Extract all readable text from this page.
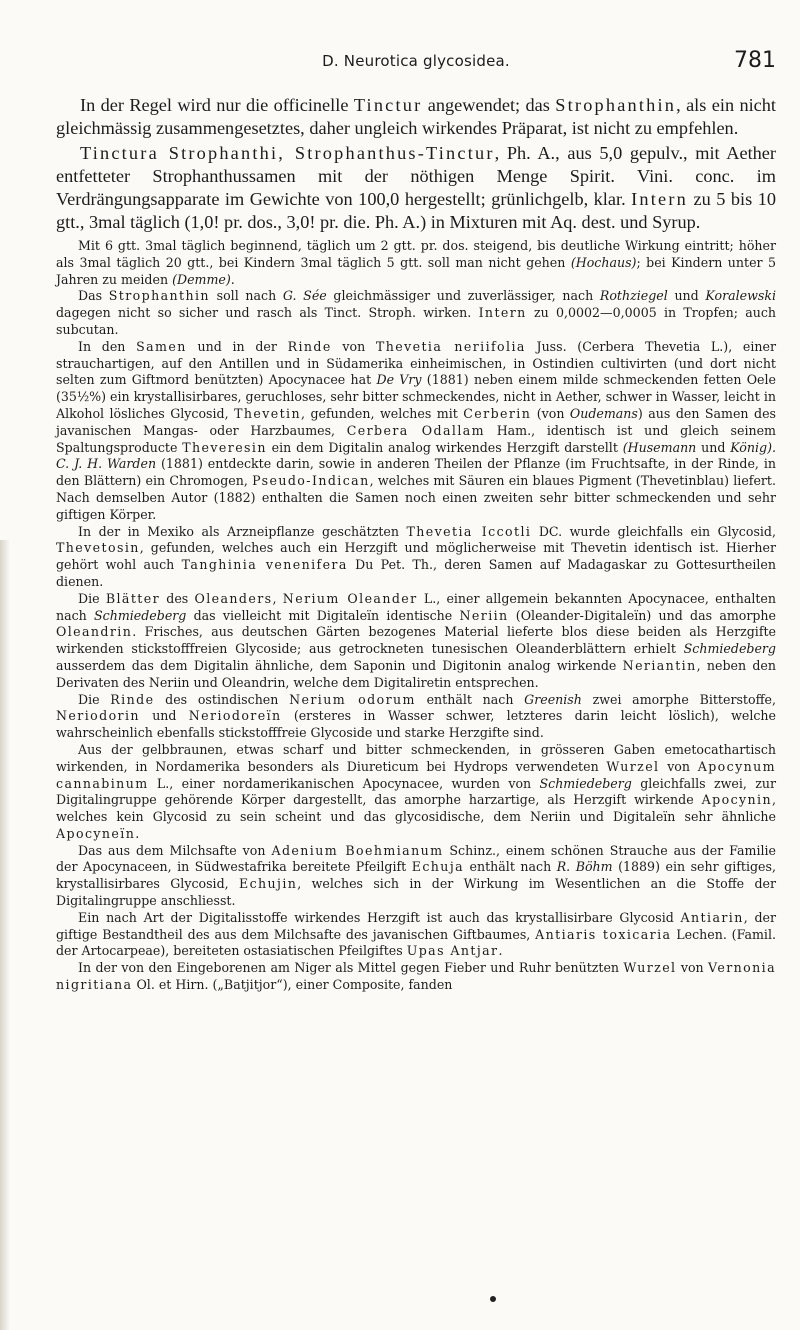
D. Neurotica glycosidea.	781

In der Regel wird nur die officinelle Tinctur angewendet; das Strophanthin, als ein nicht gleichmässig zusammengesetztes, daher ungleich wirkendes Präparat, ist nicht zu empfehlen.

Tinctura Strophanthi, Strophanthus-Tinctur, Ph. A., aus 5,0 gepulv., mit Aether entfetteter Strophanthussamen mit der nöthigen Menge Spirit. Vini. conc. im Verdrängungsapparate im Gewichte von 100,0 hergestellt; grünlichgelb, klar. Intern zu 5 bis 10 gtt., 3mal täglich (1,0! pr. dos., 3,0! pr. die. Ph. A.) in Mixturen mit Aq. dest. und Syrup.

Mit 6 gtt. 3mal täglich beginnend, täglich um 2 gtt. pr. dos. steigend, bis deutliche Wirkung eintritt; höher als 3mal täglich 20 gtt., bei Kindern 3mal täglich 5 gtt. soll man nicht gehen (Hochaus); bei Kindern unter 5 Jahren zu meiden (Demme).

Das Strophanthin soll nach G. Sée gleichmässiger und zuverlässiger, nach Rothziegel und Koralewski dagegen nicht so sicher und rasch als Tinct. Stroph. wirken. Intern zu 0,0002—0,0005 in Tropfen; auch subcutan.

In den Samen und in der Rinde von Thevetia neriifolia Juss. (Cerbera Thevetia L.), einer strauchartigen, auf den Antillen und in Südamerika einheimischen, in Ostindien cultivirten (und dort nicht selten zum Giftmord benützten) Apocynacee hat De Vry (1881) neben einem milde schmeckenden fetten Oele (35½%) ein krystallisirbares, geruchloses, sehr bitter schmeckendes, nicht in Aether, schwer in Wasser, leicht in Alkohol lösliches Glycosid, Thevetin, gefunden, welches mit Cerberin (von Oudemans) aus den Samen des javanischen Mangas- oder Harzbaumes, Cerbera Odallam Ham., identisch ist und gleich seinem Spaltungsproducte Theveresin ein dem Digitalin analog wirkendes Herzgift darstellt (Husemann und König). C. J. H. Warden (1881) entdeckte darin, sowie in anderen Theilen der Pflanze (im Fruchtsafte, in der Rinde, in den Blättern) ein Chromogen, Pseudo-Indican, welches mit Säuren ein blaues Pigment (Thevetinblau) liefert. Nach demselben Autor (1882) enthalten die Samen noch einen zweiten sehr bitter schmeckenden und sehr giftigen Körper.

In der in Mexiko als Arzneipflanze geschätzten Thevetia Iccotli DC. wurde gleichfalls ein Glycosid, Thevetosin, gefunden, welches auch ein Herzgift und möglicherweise mit Thevetin identisch ist. Hierher gehört wohl auch Tanghinia venenifera Du Pet. Th., deren Samen auf Madagaskar zu Gottesurtheilen dienen.

Die Blätter des Oleanders, Nerium Oleander L., einer allgemein bekannten Apocynacee, enthalten nach Schmiedeberg das vielleicht mit Digitaleïn identische Neriin (Oleander-Digitaleïn) und das amorphe Oleandrin. Frisches, aus deutschen Gärten bezogenes Material lieferte blos diese beiden als Herzgifte wirkenden stickstofffreien Glycoside; aus getrockneten tunesischen Oleanderblättern erhielt Schmiedeberg ausserdem das dem Digitalin ähnliche, dem Saponin und Digitonin analog wirkende Neriantin, neben den Derivaten des Neriin und Oleandrin, welche dem Digitaliretin entsprechen.

Die Rinde des ostindischen Nerium odorum enthält nach Greenish zwei amorphe Bitterstoffe, Neriodorin und Neriodoreïn (ersteres in Wasser schwer, letzteres darin leicht löslich), welche wahrscheinlich ebenfalls stickstofffreie Glycoside und starke Herzgifte sind.

Aus der gelbbraunen, etwas scharf und bitter schmeckenden, in grösseren Gaben emetocathartisch wirkenden, in Nordamerika besonders als Diureticum bei Hydrops verwendeten Wurzel von Apocynum cannabinum L., einer nordamerikanischen Apocynacee, wurden von Schmiedeberg gleichfalls zwei, zur Digitalingruppe gehörende Körper dargestellt, das amorphe harzartige, als Herzgift wirkende Apocynin, welches kein Glycosid zu sein scheint und das glycosidische, dem Neriin und Digitaleïn sehr ähnliche Apocyneïn.

Das aus dem Milchsafte von Adenium Boehmianum Schinz., einem schönen Strauche aus der Familie der Apocynaceen, in Südwestafrika bereitete Pfeilgift Echuja enthält nach R. Böhm (1889) ein sehr giftiges, krystallisirbares Glycosid, Echujin, welches sich in der Wirkung im Wesentlichen an die Stoffe der Digitalingruppe anschliesst.

Ein nach Art der Digitalisstoffe wirkendes Herzgift ist auch das krystallisirbare Glycosid Antiarin, der giftige Bestandtheil des aus dem Milchsafte des javanischen Giftbaumes, Antiaris toxicaria Lechen. (Famil. der Artocarpeae), bereiteten ostasiatischen Pfeilgiftes Upas Antjar.

In der von den Eingeborenen am Niger als Mittel gegen Fieber und Ruhr benützten Wurzel von Vernonia nigritiana Ol. et Hirn. („Batjitjor“), einer Composite, fanden
